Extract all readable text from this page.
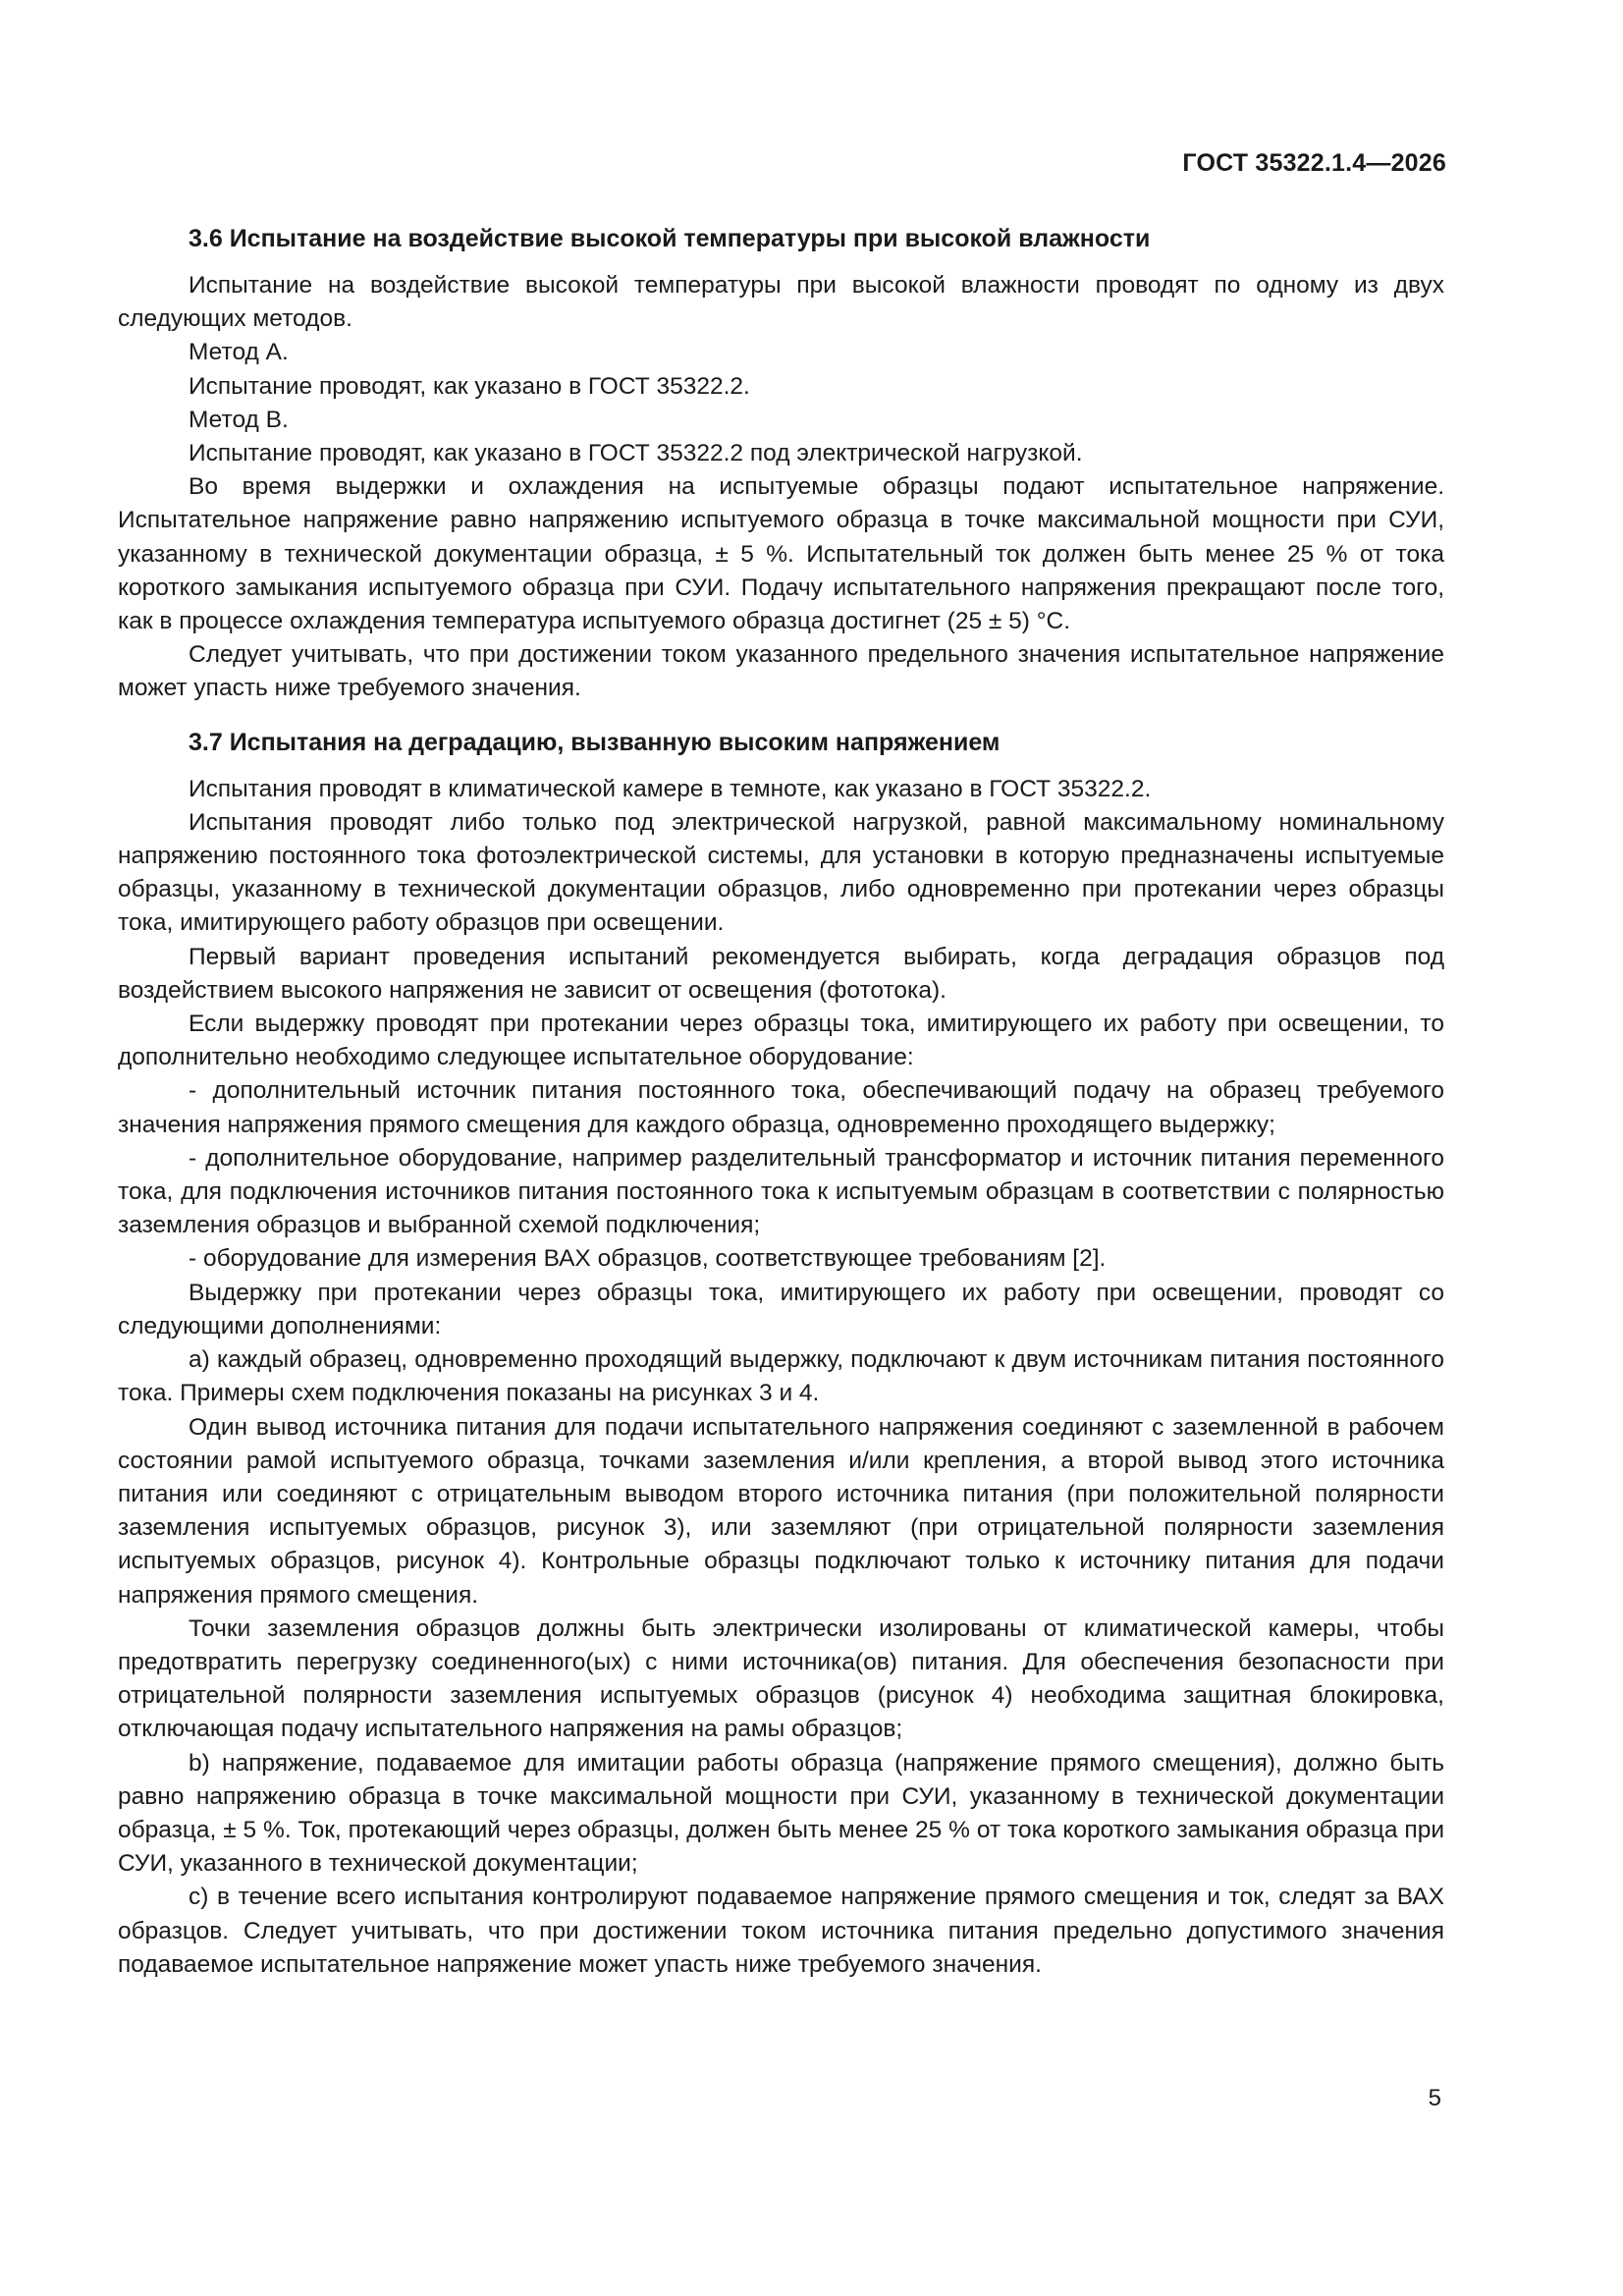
ГОСТ 35322.1.4—2026
3.6 Испытание на воздействие высокой температуры при высокой влажности

Испытание на воздействие высокой температуры при высокой влажности проводят по одному из двух следующих методов.

Метод А.

Испытание проводят, как указано в ГОСТ 35322.2.

Метод В.

Испытание проводят, как указано в ГОСТ 35322.2 под электрической нагрузкой.

Во время выдержки и охлаждения на испытуемые образцы подают испытательное напряжение. Испытательное напряжение равно напряжению испытуемого образца в точке максимальной мощности при СУИ, указанному в технической документации образца, ± 5 %. Испытательный ток должен быть менее 25 % от тока короткого замыкания испытуемого образца при СУИ. Подачу испытательного напряжения прекращают после того, как в процессе охлаждения температура испытуемого образца достигнет (25 ± 5) °С.

Следует учитывать, что при достижении током указанного предельного значения испытательное напряжение может упасть ниже требуемого значения.

3.7 Испытания на деградацию, вызванную высоким напряжением

Испытания проводят в климатической камере в темноте, как указано в ГОСТ 35322.2.

Испытания проводят либо только под электрической нагрузкой, равной максимальному номинальному напряжению постоянного тока фотоэлектрической системы, для установки в которую предназначены испытуемые образцы, указанному в технической документации образцов, либо одновременно при протекании через образцы тока, имитирующего работу образцов при освещении.

Первый вариант проведения испытаний рекомендуется выбирать, когда деградация образцов под воздействием высокого напряжения не зависит от освещения (фототока).

Если выдержку проводят при протекании через образцы тока, имитирующего их работу при освещении, то дополнительно необходимо следующее испытательное оборудование:

- дополнительный источник питания постоянного тока, обеспечивающий подачу на образец требуемого значения напряжения прямого смещения для каждого образца, одновременно проходящего выдержку;

- дополнительное оборудование, например разделительный трансформатор и источник питания переменного тока, для подключения источников питания постоянного тока к испытуемым образцам в соответствии с полярностью заземления образцов и выбранной схемой подключения;

- оборудование для измерения ВАХ образцов, соответствующее требованиям [2].

Выдержку при протекании через образцы тока, имитирующего их работу при освещении, проводят со следующими дополнениями:

а) каждый образец, одновременно проходящий выдержку, подключают к двум источникам питания постоянного тока. Примеры схем подключения показаны на рисунках 3 и 4.

Один вывод источника питания для подачи испытательного напряжения соединяют с заземленной в рабочем состоянии рамой испытуемого образца, точками заземления и/или крепления, а второй вывод этого источника питания или соединяют с отрицательным выводом второго источника питания (при положительной полярности заземления испытуемых образцов, рисунок 3), или заземляют (при отрицательной полярности заземления испытуемых образцов, рисунок 4). Контрольные образцы подключают только к источнику питания для подачи напряжения прямого смещения.

Точки заземления образцов должны быть электрически изолированы от климатической камеры, чтобы предотвратить перегрузку соединенного(ых) с ними источника(ов) питания. Для обеспечения безопасности при отрицательной полярности заземления испытуемых образцов (рисунок 4) необходима защитная блокировка, отключающая подачу испытательного напряжения на рамы образцов;

b) напряжение, подаваемое для имитации работы образца (напряжение прямого смещения), должно быть равно напряжению образца в точке максимальной мощности при СУИ, указанному в технической документации образца, ± 5 %. Ток, протекающий через образцы, должен быть менее 25 % от тока короткого замыкания образца при СУИ, указанного в технической документации;

c) в течение всего испытания контролируют подаваемое напряжение прямого смещения и ток, следят за ВАХ образцов. Следует учитывать, что при достижении током источника питания предельно допустимого значения подаваемое испытательное напряжение может упасть ниже требуемого значения.

5
